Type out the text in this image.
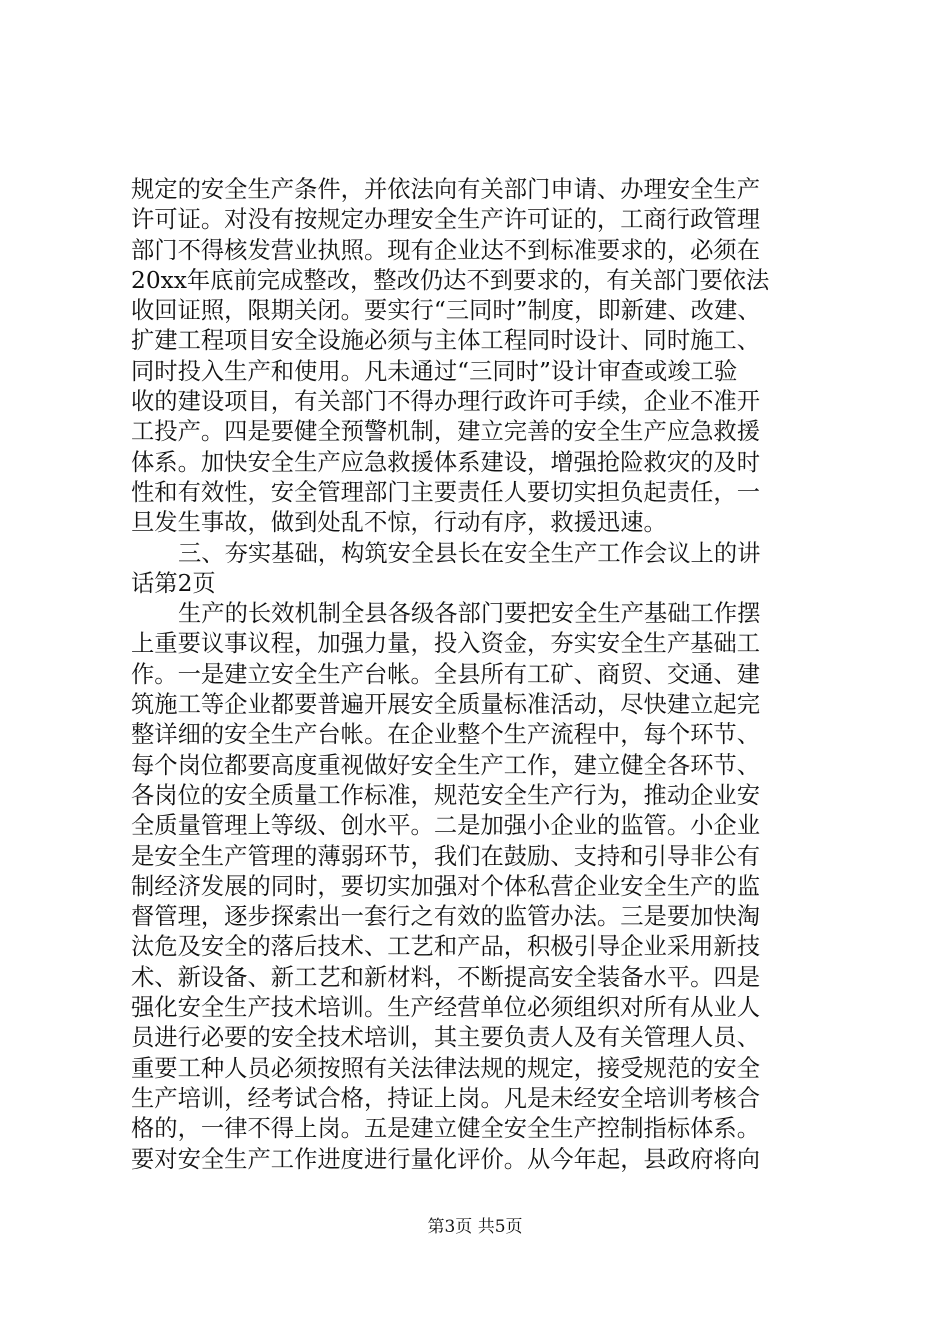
规定的安全生产条件，并依法向有关部门申请、办理安全生产
许可证。对没有按规定办理安全生产许可证的，工商行政管理
部门不得核发营业执照。现有企业达不到标准要求的，必须在
20xx年底前完成整改，整改仍达不到要求的，有关部门要依法
收回证照，限期关闭。要实行“三同时”制度，即新建、改建、
扩建工程项目安全设施必须与主体工程同时设计、同时施工、
同时投入生产和使用。凡未通过“三同时”设计审查或竣工验
收的建设项目，有关部门不得办理行政许可手续，企业不准开
工投产。四是要健全预警机制，建立完善的安全生产应急救援
体系。加快安全生产应急救援体系建设，增强抢险救灾的及时
性和有效性，安全管理部门主要责任人要切实担负起责任，一
旦发生事故，做到处乱不惊，行动有序，救援迅速。
三、夯实基础，构筑安全县长在安全生产工作会议上的讲
话第2页
生产的长效机制全县各级各部门要把安全生产基础工作摆
上重要议事议程，加强力量，投入资金，夯实安全生产基础工
作。一是建立安全生产台帐。全县所有工矿、商贸、交通、建
筑施工等企业都要普遍开展安全质量标准活动，尽快建立起完
整详细的安全生产台帐。在企业整个生产流程中，每个环节、
每个岗位都要高度重视做好安全生产工作，建立健全各环节、
各岗位的安全质量工作标准，规范安全生产行为，推动企业安
全质量管理上等级、创水平。二是加强小企业的监管。小企业
是安全生产管理的薄弱环节，我们在鼓励、支持和引导非公有
制经济发展的同时，要切实加强对个体私营企业安全生产的监
督管理，逐步探索出一套行之有效的监管办法。三是要加快淘
汰危及安全的落后技术、工艺和产品，积极引导企业采用新技
术、新设备、新工艺和新材料，不断提高安全装备水平。四是
强化安全生产技术培训。生产经营单位必须组织对所有从业人
员进行必要的安全技术培训，其主要负责人及有关管理人员、
重要工种人员必须按照有关法律法规的规定，接受规范的安全
生产培训，经考试合格，持证上岗。凡是未经安全培训考核合
格的，一律不得上岗。五是建立健全安全生产控制指标体系。
要对安全生产工作进度进行量化评价。从今年起，县政府将向
第3页 共5页
